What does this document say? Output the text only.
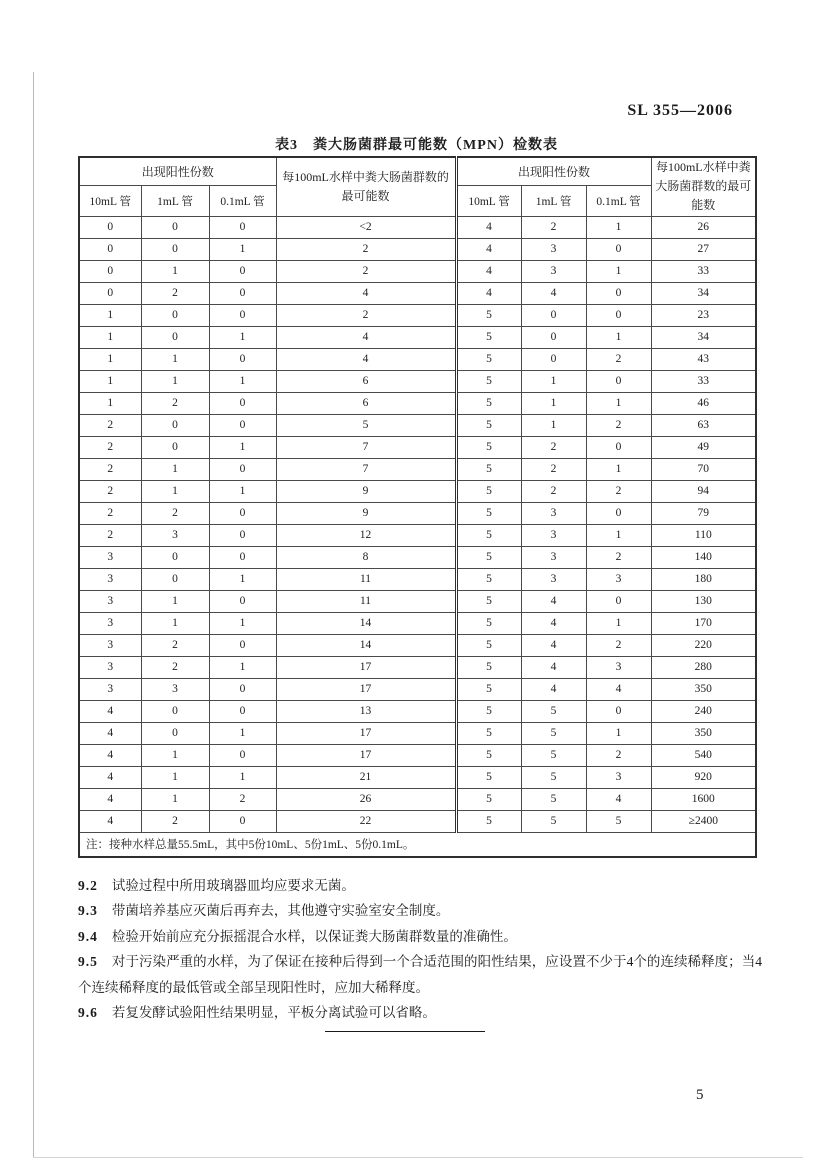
SL 355—2006
表3　粪大肠菌群最可能数（MPN）检数表
出现阳性份数			每100mL水样中粪大肠菌群数的最可能数	出现阳性份数			每100mL水样中粪大肠菌群数的最可能数
10mL 管	1mL 管	0.1mL 管		10mL 管	1mL 管	0.1mL 管	
0	0	0	<2	4	2	1	26
0	0	1	2	4	3	0	27
0	1	0	2	4	3	1	33
0	2	0	4	4	4	0	34
1	0	0	2	5	0	0	23
1	0	1	4	5	0	1	34
1	1	0	4	5	0	2	43
1	1	1	6	5	1	0	33
1	2	0	6	5	1	1	46
2	0	0	5	5	1	2	63
2	0	1	7	5	2	0	49
2	1	0	7	5	2	1	70
2	1	1	9	5	2	2	94
2	2	0	9	5	3	0	79
2	3	0	12	5	3	1	110
3	0	0	8	5	3	2	140
3	0	1	11	5	3	3	180
3	1	0	11	5	4	0	130
3	1	1	14	5	4	1	170
3	2	0	14	5	4	2	220
3	2	1	17	5	4	3	280
3	3	0	17	5	4	4	350
4	0	0	13	5	5	0	240
4	0	1	17	5	5	1	350
4	1	0	17	5	5	2	540
4	1	1	21	5	5	3	920
4	1	2	26	5	5	4	1600
4	2	0	22	5	5	5	≥2400
注：接种水样总量55.5mL，其中5份10mL、5份1mL、5份0.1mL。							

9.2 试验过程中所用玻璃器皿均应要求无菌。

9.3 带菌培养基应灭菌后再弃去，其他遵守实验室安全制度。

9.4 检验开始前应充分振摇混合水样，以保证粪大肠菌群数量的准确性。

9.5 对于污染严重的水样，为了保证在接种后得到一个合适范围的阳性结果，应设置不少于4个的连续稀释度；当4个连续稀释度的最低管或全部呈现阳性时，应加大稀释度。

9.6 若复发酵试验阳性结果明显，平板分离试验可以省略。

5
